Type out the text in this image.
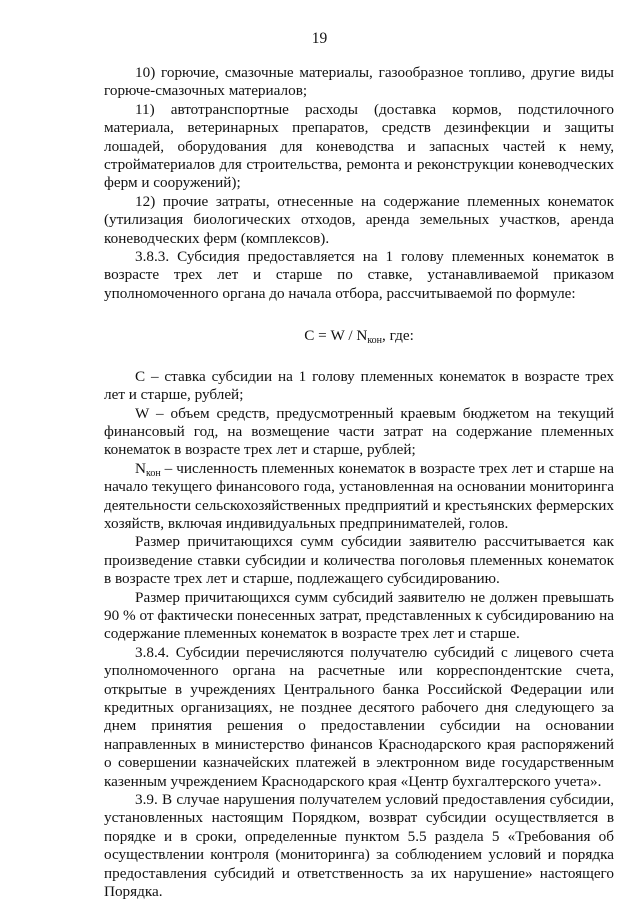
19

10) горючие, смазочные материалы, газообразное топливо, другие виды горюче-смазочных материалов;

11) автотранспортные расходы (доставка кормов, подстилочного материала, ветеринарных препаратов, средств дезинфекции и защиты лошадей, оборудования для коневодства и запасных частей к нему, стройматериалов для строительства, ремонта и реконструкции коневодческих ферм и сооружений);

12) прочие затраты, отнесенные на содержание племенных конематок (утилизация биологических отходов, аренда земельных участков, аренда коневодческих ферм (комплексов).

3.8.3. Субсидия предоставляется на 1 голову племенных конематок в возрасте трех лет и старше по ставке, устанавливаемой приказом уполномоченного органа до начала отбора, рассчитываемой по формуле:

$С = W / N_{кон}$, где:

С – ставка субсидии на 1 голову племенных конематок в возрасте трех лет и старше, рублей;

W – объем средств, предусмотренный краевым бюджетом на текущий финансовый год, на возмещение части затрат на содержание племенных конематок в возрасте трех лет и старше, рублей;

$N_{кон}$ – численность племенных конематок в возрасте трех лет и старше на начало текущего финансового года, установленная на основании мониторинга деятельности сельскохозяйственных предприятий и крестьянских фермерских хозяйств, включая индивидуальных предпринимателей, голов.

Размер причитающихся сумм субсидии заявителю рассчитывается как произведение ставки субсидии и количества поголовья племенных конематок в возрасте трех лет и старше, подлежащего субсидированию.

Размер причитающихся сумм субсидий заявителю не должен превышать 90 % от фактически понесенных затрат, представленных к субсидированию на содержание племенных конематок в возрасте трех лет и старше.

3.8.4. Субсидии перечисляются получателю субсидий с лицевого счета уполномоченного органа на расчетные или корреспондентские счета, открытые в учреждениях Центрального банка Российской Федерации или кредитных организациях, не позднее десятого рабочего дня следующего за днем принятия решения о предоставлении субсидии на основании направленных в министерство финансов Краснодарского края распоряжений о совершении казначейских платежей в электронном виде государственным казенным учреждением Краснодарского края «Центр бухгалтерского учета».

3.9. В случае нарушения получателем условий предоставления субсидии, установленных настоящим Порядком, возврат субсидии осуществляется в порядке и в сроки, определенные пунктом 5.5 раздела 5 «Требования об осуществлении контроля (мониторинга) за соблюдением условий и порядка предоставления субсидий и ответственность за их нарушение» настоящего Порядка.
